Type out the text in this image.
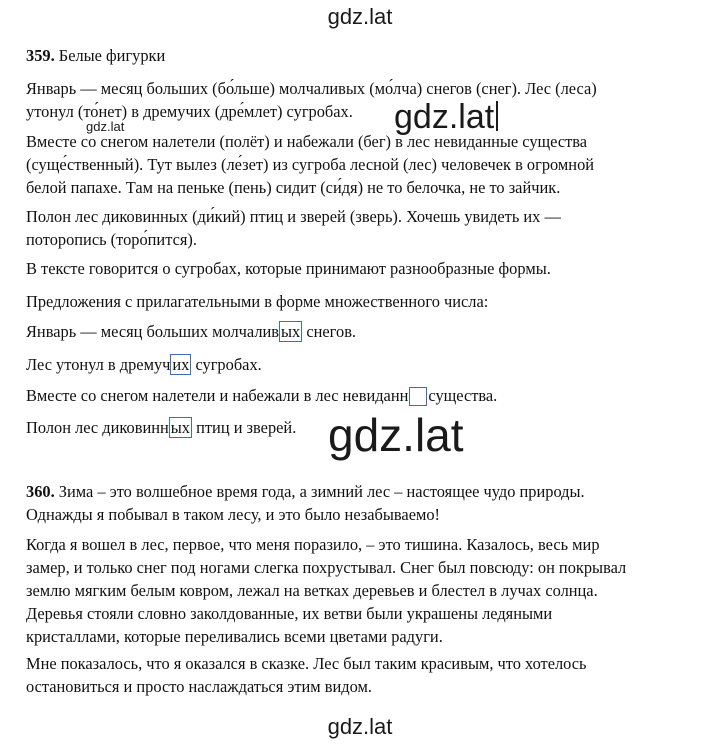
gdz.lat
359. Белые фигурки
Январь — месяц больших (бо́льше) молчаливых (мо́лча) снегов (снег). Лес (леса)
утонул (то́нет) в дремучих (дре́млет) сугробах.
Вместе со снегом налетели (полёт) и набежали (бег) в лес невиданные существа
(суще́ственный). Тут вылез (ле́зет) из сугроба лесной (лес) человечек в огромной
белой папахе. Там на пеньке (пень) сидит (си́дя) не то белочка, не то зайчик.
Полон лес диковинных (ди́кий) птиц и зверей (зверь). Хочешь увидеть их —
поторопись (торо́пится).
В тексте говорится о сугробах, которые принимают разнообразные формы.
Предложения с прилагательными в форме множественного числа:
Январь — месяц больших молчалив ых снегов.
Лес утонул в дремуч их сугробах.
Вместе со снегом налетели и набежали в лес невиданн существа.
Полон лес диковинн ых птиц и зверей.
360. Зима – это волшебное время года, а зимний лес – настоящее чудо природы.
Однажды я побывал в таком лесу, и это было незабываемо!
Когда я вошел в лес, первое, что меня поразило, – это тишина. Казалось, весь мир
замер, и только снег под ногами слегка похрустывал. Снег был повсюду: он покрывал
землю мягким белым ковром, лежал на ветках деревьев и блестел в лучах солнца.
Деревья стояли словно заколдованные, их ветви были украшены ледяными
кристаллами, которые переливались всеми цветами радуги.
Мне показалось, что я оказался в сказке. Лес был таким красивым, что хотелось
остановиться и просто наслаждаться этим видом.
gdz.lat	gdz.lat
gdz.lat
gdz.lat
